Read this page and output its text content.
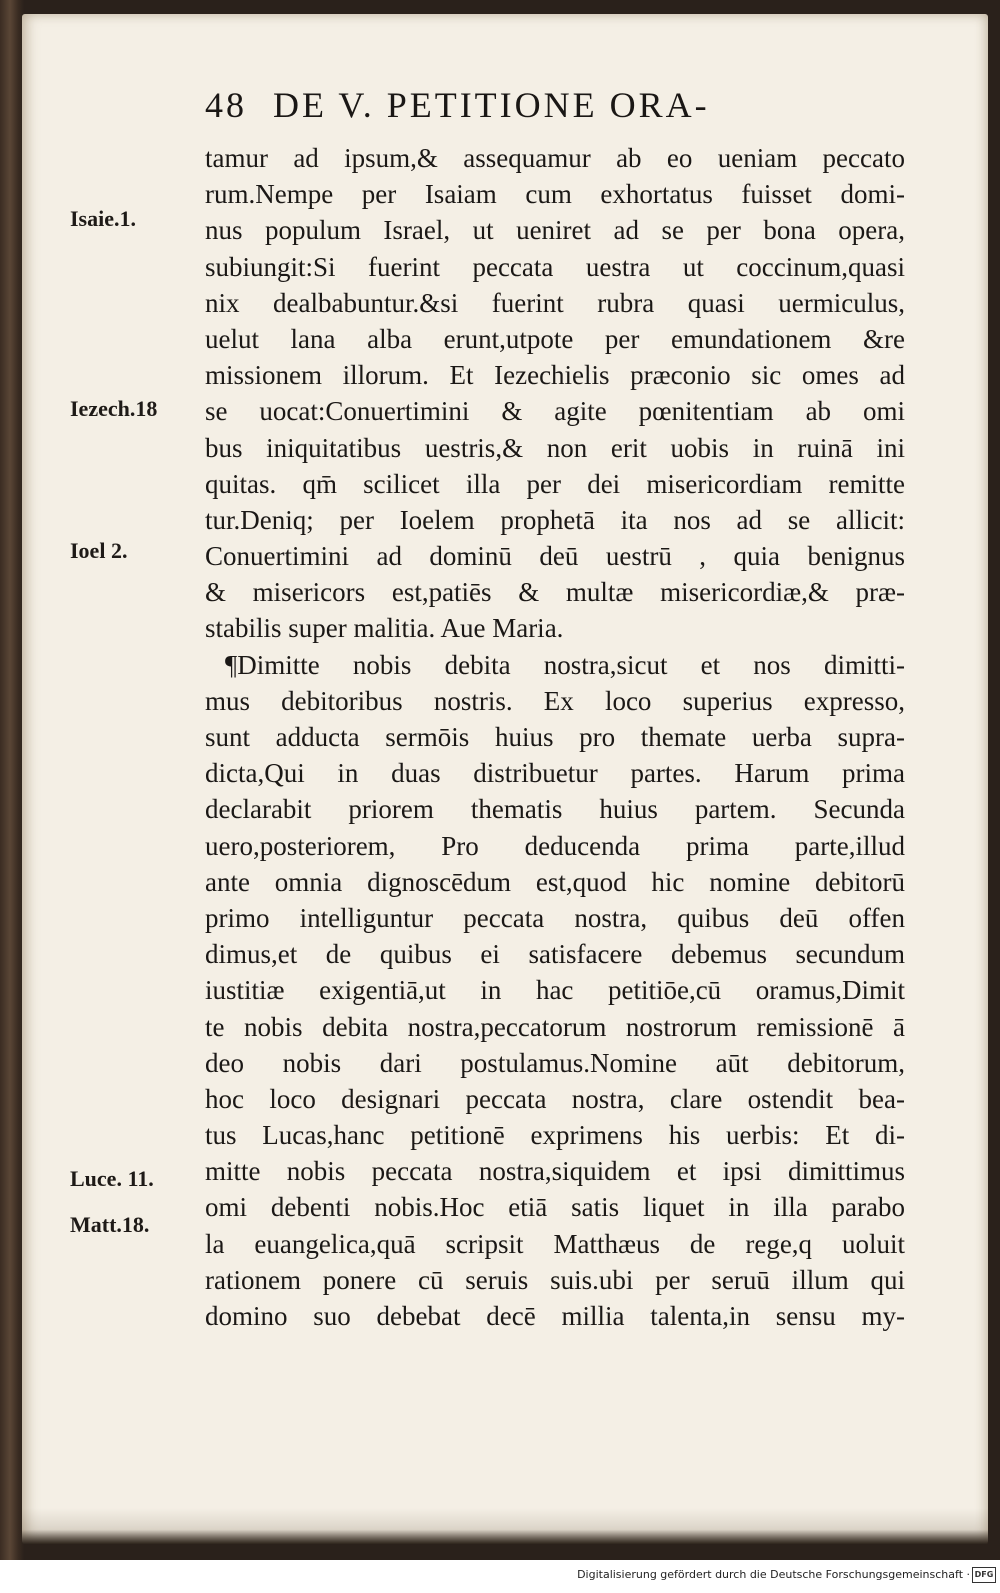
48 DE V. PETITIONE ORA-
Isaie.1.
Iezech.18
Ioel 2.
Luce. 11.
Matt.18.
tamur ad ipsum,& assequamur ab eo ueniam peccato
rum.Nempe per Isaiam cum exhortatus fuisset domi-
nus populum Israel, ut ueniret ad se per bona opera,
subiungit:Si fuerint peccata uestra ut coccinum,quasi
nix dealbabuntur.&si fuerint rubra quasi uermiculus,
uelut lana alba erunt,utpote per emundationem &re
missionem illorum. Et Iezechielis præconio sic omes ad
se uocat:Conuertimini & agite pœnitentiam ab omi
bus iniquitatibus uestris,& non erit uobis in ruinā ini
quitas. qm̄ scilicet illa per dei misericordiam remitte
tur.Deniq; per Ioelem prophetā ita nos ad se allicit:
Conuertimini ad dominū deū uestrū , quia benignus
& misericors est,patiēs & multæ misericordiæ,& præ-
stabilis super malitia. Aue Maria.
¶Dimitte nobis debita nostra,sicut et nos dimitti-
mus debitoribus nostris. Ex loco superius expresso,
sunt adducta sermōis huius pro themate uerba supra-
dicta,Qui in duas distribuetur partes. Harum prima
declarabit priorem thematis huius partem. Secunda
uero,posteriorem, Pro deducenda prima parte,illud
ante omnia dignoscēdum est,quod hic nomine debitorū
primo intelliguntur peccata nostra, quibus deū offen
dimus,et de quibus ei satisfacere debemus secundum
iustitiæ exigentiā,ut in hac petitiōe,cū oramus,Dimit
te nobis debita nostra,peccatorum nostrorum remissionē ā
deo nobis dari postulamus.Nomine aūt debitorum,
hoc loco designari peccata nostra, clare ostendit bea-
tus Lucas,hanc petitionē exprimens his uerbis: Et di-
mitte nobis peccata nostra,siquidem et ipsi dimittimus
omi debenti nobis.Hoc etiā satis liquet in illa parabo
la euangelica,quā scripsit Matthæus de rege,q uoluit
rationem ponere cū seruis suis.ubi per seruū illum qui
domino suo debebat decē millia talenta,in sensu my-
Digitalisierung gefördert durch die Deutsche Forschungsgemeinschaft · DFG
